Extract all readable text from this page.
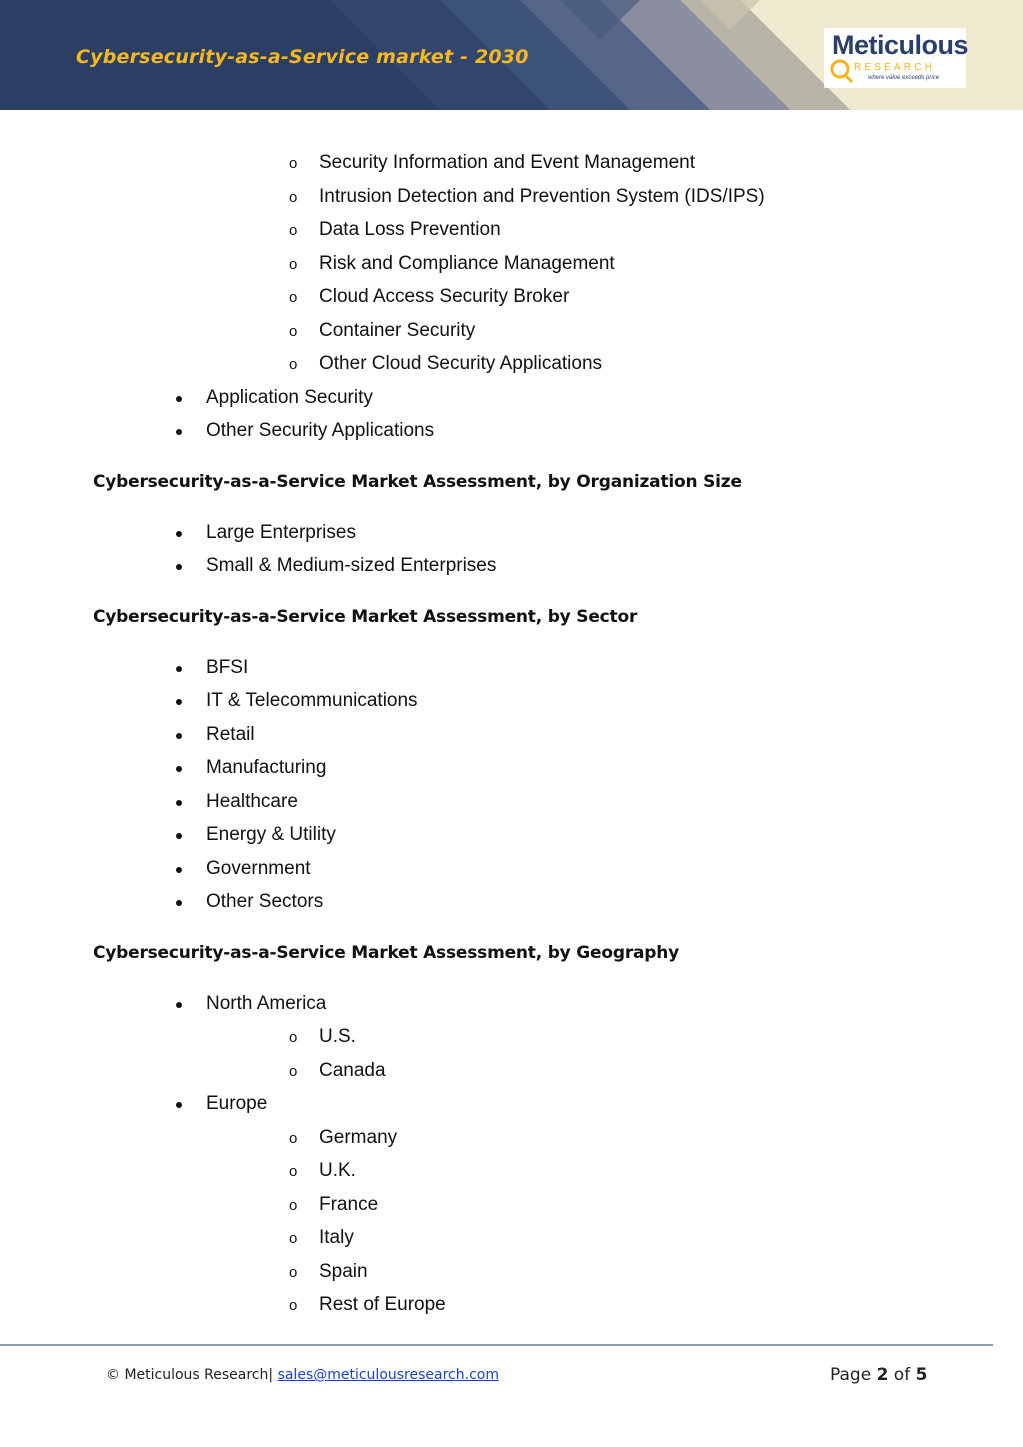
Cybersecurity-as-a-Service market - 2030	Meticulous
RESEARCH
where value exceeds price
o Security Information and Event Management
o Intrusion Detection and Prevention System (IDS/IPS)
o Data Loss Prevention
o Risk and Compliance Management
o Cloud Access Security Broker
o Container Security
o Other Cloud Security Applications
Application Security
Other Security Applications
Cybersecurity-as-a-Service Market Assessment, by Organization Size
Large Enterprises
Small & Medium-sized Enterprises
Cybersecurity-as-a-Service Market Assessment, by Sector
BFSI
IT & Telecommunications
Retail
Manufacturing
Healthcare
Energy & Utility
Government
Other Sectors
Cybersecurity-as-a-Service Market Assessment, by Geography
North America
o U.S.
o Canada
Europe
o Germany
o U.K.
o France
o Italy
o Spain
o Rest of Europe
© Meticulous Research| sales@meticulousresearch.com	Page 2 of 5
